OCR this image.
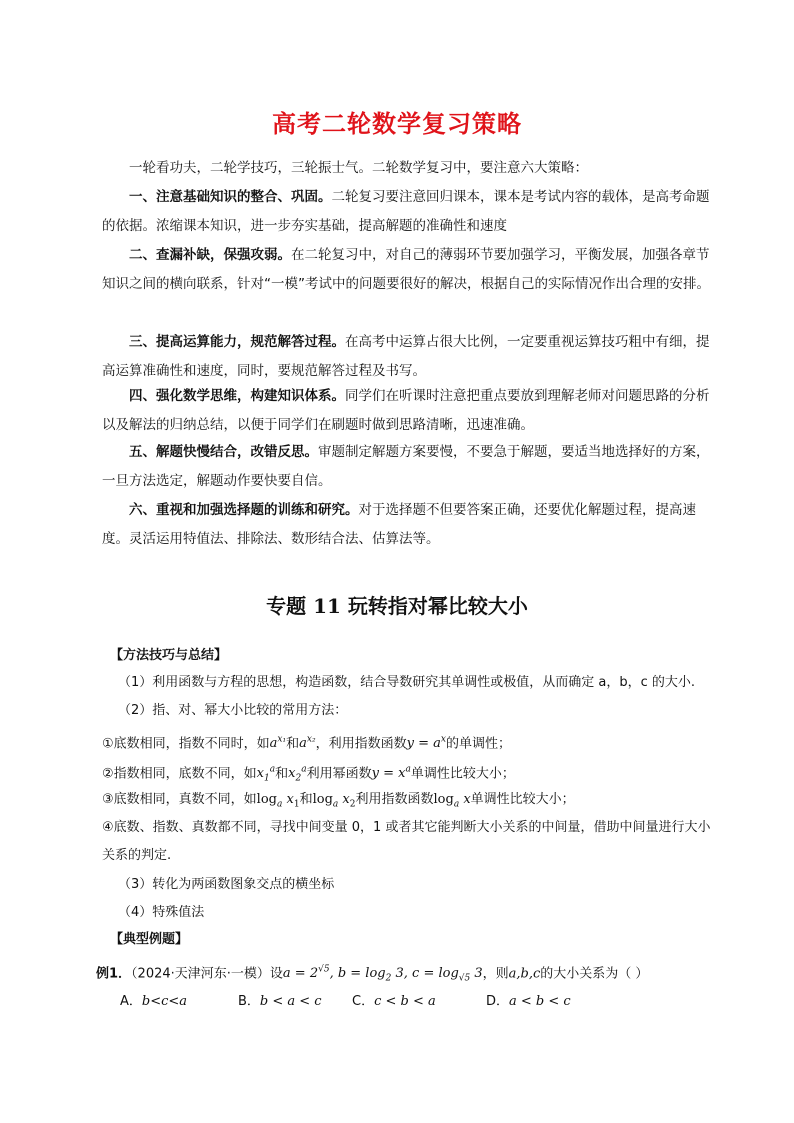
高考二轮数学复习策略
一轮看功夫，二轮学技巧，三轮振士气。二轮数学复习中，要注意六大策略：
一、注意基础知识的整合、巩固。二轮复习要注意回归课本，课本是考试内容的载体，是高考命题的依据。浓缩课本知识，进一步夯实基础，提高解题的准确性和速度
二、查漏补缺，保强攻弱。在二轮复习中，对自己的薄弱环节要加强学习，平衡发展，加强各章节知识之间的横向联系，针对“一模”考试中的问题要很好的解决，根据自己的实际情况作出合理的安排。
三、提高运算能力，规范解答过程。在高考中运算占很大比例，一定要重视运算技巧粗中有细，提高运算准确性和速度，同时，要规范解答过程及书写。
四、强化数学思维，构建知识体系。同学们在听课时注意把重点要放到理解老师对问题思路的分析以及解法的归纳总结，以便于同学们在刷题时做到思路清晰，迅速准确。
五、解题快慢结合，改错反思。审题制定解题方案要慢，不要急于解题，要适当地选择好的方案，一旦方法选定，解题动作要快要自信。
六、重视和加强选择题的训练和研究。对于选择题不但要答案正确，还要优化解题过程，提高速度。灵活运用特值法、排除法、数形结合法、估算法等。
专题 11 玩转指对幂比较大小
【方法技巧与总结】
（1）利用函数与方程的思想，构造函数，结合导数研究其单调性或极值，从而确定 a，b，c 的大小.
（2）指、对、幂大小比较的常用方法：
①底数相同，指数不同时，如$a^{x_1}$和$a^{x_2}$，利用指数函数$y = a^x$的单调性；
②指数相同，底数不同，如$x_1^a$和$x_2^a$利用幂函数$y = x^a$单调性比较大小；
③底数相同，真数不同，如$\log_a x_1$和$\log_a x_2$利用指数函数$\log_a x$单调性比较大小；
④底数、指数、真数都不同，寻找中间变量 0，1 或者其它能判断大小关系的中间量，借助中间量进行大小关系的判定.
（3）转化为两函数图象交点的横坐标
（4）特殊值法
【典型例题】
例1．（2024·天津河东·一模）设$a = 2^{√5}$, $b = \log_2 3$, $c = \log_{√5} 3$，则a,b,c的大小关系为（ ）
A．b<c<a	B．b < a < c C．c < b < a	D．a < b < c
